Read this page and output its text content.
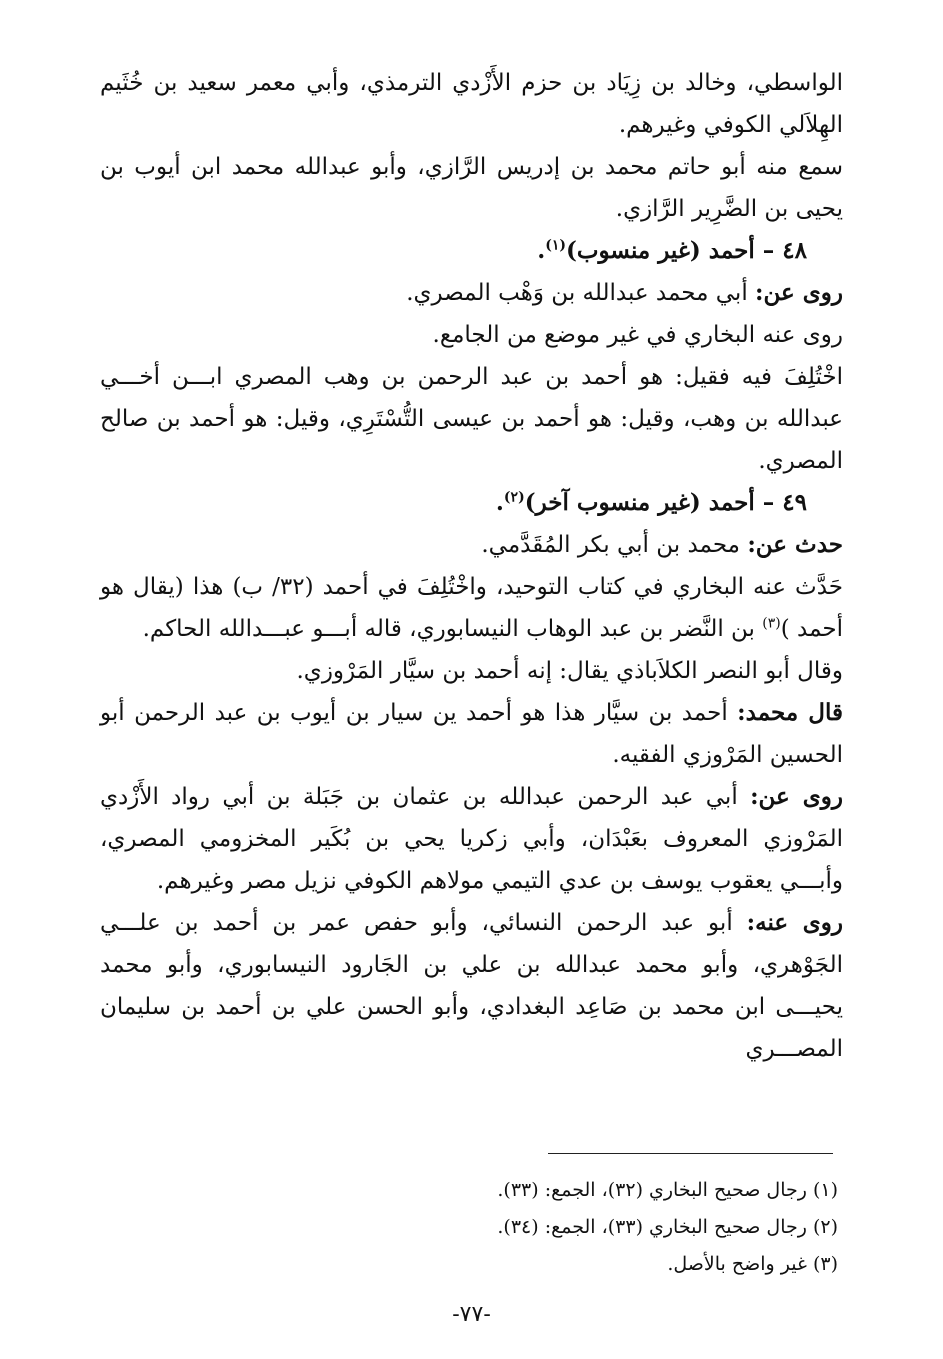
الواسطي، وخالد بن زِيَاد بن حزم الأَزْدي الترمذي، وأبي معمر سعيد بن خُثَيم الهِلاَلي الكوفي وغيرهم.

سمع منه أبو حاتم محمد بن إدريس الرَّازي، وأبو عبدالله محمد ابن أيوب بن يحيى بن الضَّرِير الرَّازي.

٤٨ – أحمد (غير منسوب)$^{(١)}$.

روى عن: أبي محمد عبدالله بن وَهْب المصري.

روى عنه البخاري في غير موضع من الجامع.

اخْتُلِفَ فيه فقيل: هو أحمد بن عبد الرحمن بن وهب المصري ابـــن أخـــي عبدالله بن وهب، وقيل: هو أحمد بن عيسى التُّسْتَرِي، وقيل: هو أحمد بن صالح المصري.

٤٩ – أحمد (غير منسوب آخر)$^{(٢)}$.

حدث عن: محمد بن أبي بكر المُقَدَّمي.

حَدَّث عنه البخاري في كتاب التوحيد، واخْتُلِفَ في أحمد (٣٢/ ب) هذا (يقال هو أحمد )$^{(٣)}$ بن النَّضر بن عبد الوهاب النيسابوري، قاله أبـــو عبـــدالله الحاكم.

وقال أبو النصر الكلاَباذي يقال: إنه أحمد بن سيَّار المَرْوزي.

قال محمد: أحمد بن سيَّار هذا هو أحمد ين سيار بن أيوب بن عبد الرحمن أبو الحسين المَرْوزي الفقيه.

روى عن: أبي عبد الرحمن عبدالله بن عثمان بن جَبَلة بن أبي رواد الأَزْدي المَرْوزي المعروف بعَبْدَان، وأبي زكريا يحي بن بُكَير المخزومي المصري، وأبـــي يعقوب يوسف بن عدي التيمي مولاهم الكوفي نزيل مصر وغيرهم.

روى عنه: أبو عبد الرحمن النسائي، وأبو حفص عمر بن أحمد بن علـــي الجَوْهري، وأبو محمد عبدالله بن علي بن الجَارود النيسابوري، وأبو محمد يحيـــى ابن محمد بن صَاعِد البغدادي، وأبو الحسن علي بن أحمد بن سليمان المصـــري

(١) رجال صحيح البخاري (٣٢)، الجمع: (٣٣).

(٢) رجال صحيح البخاري (٣٣)، الجمع: (٣٤).

(٣) غير واضح بالأصل.

-٧٧-
